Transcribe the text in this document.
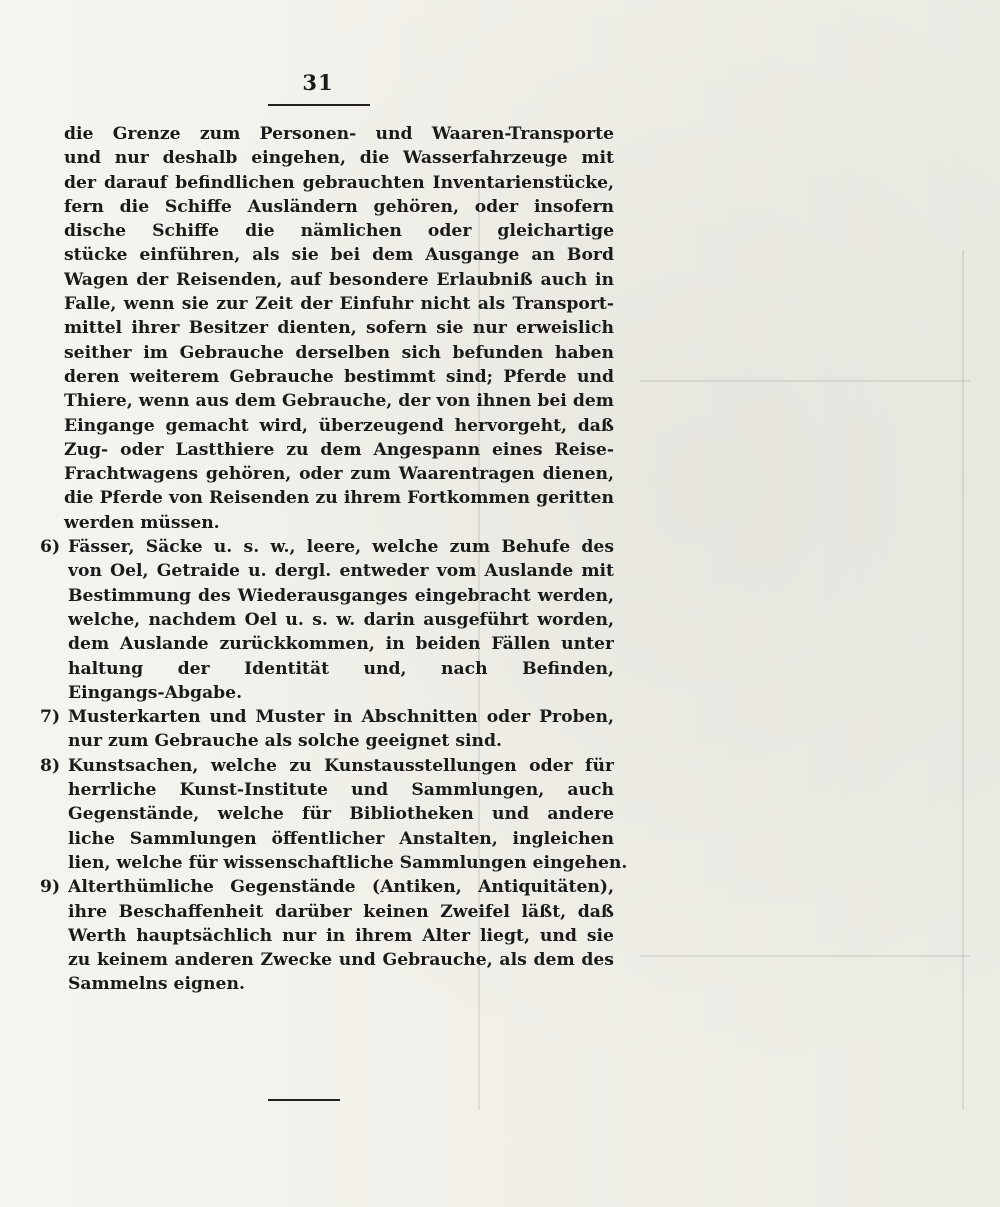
31
die Grenze zum Personen- und Waaren-Transporte
und nur deshalb eingehen, die Wasserfahrzeuge mit
der darauf befindlichen gebrauchten Inventarienstücke,
fern die Schiffe Ausländern gehören, oder insofern
dische Schiffe die nämlichen oder gleichartige
stücke einführen, als sie bei dem Ausgange an Bord
Wagen der Reisenden, auf besondere Erlaubniß auch in
Falle, wenn sie zur Zeit der Einfuhr nicht als Transport-
mittel ihrer Besitzer dienten, sofern sie nur erweislich
seither im Gebrauche derselben sich befunden haben
deren weiterem Gebrauche bestimmt sind; Pferde und
Thiere, wenn aus dem Gebrauche, der von ihnen bei dem
Eingange gemacht wird, überzeugend hervorgeht, daß
Zug- oder Lastthiere zu dem Angespann eines Reise-
Frachtwagens gehören, oder zum Waarentragen dienen,
die Pferde von Reisenden zu ihrem Fortkommen geritten
werden müssen.
6) Fässer, Säcke u. s. w., leere, welche zum Behufe des
von Oel, Getraide u. dergl. entweder vom Auslande mit
Bestimmung des Wiederausganges eingebracht werden,
welche, nachdem Oel u. s. w. darin ausgeführt worden,
dem Auslande zurückkommen, in beiden Fällen unter
haltung der Identität und, nach Befinden,
Eingangs-Abgabe.
7) Musterkarten und Muster in Abschnitten oder Proben,
nur zum Gebrauche als solche geeignet sind.
8) Kunstsachen, welche zu Kunstausstellungen oder für
herrliche Kunst-Institute und Sammlungen, auch
Gegenstände, welche für Bibliotheken und andere
liche Sammlungen öffentlicher Anstalten, ingleichen
lien, welche für wissenschaftliche Sammlungen eingehen.
9) Alterthümliche Gegenstände (Antiken, Antiquitäten),
ihre Beschaffenheit darüber keinen Zweifel läßt, daß
Werth hauptsächlich nur in ihrem Alter liegt, und sie
zu keinem anderen Zwecke und Gebrauche, als dem des
Sammelns eignen.
